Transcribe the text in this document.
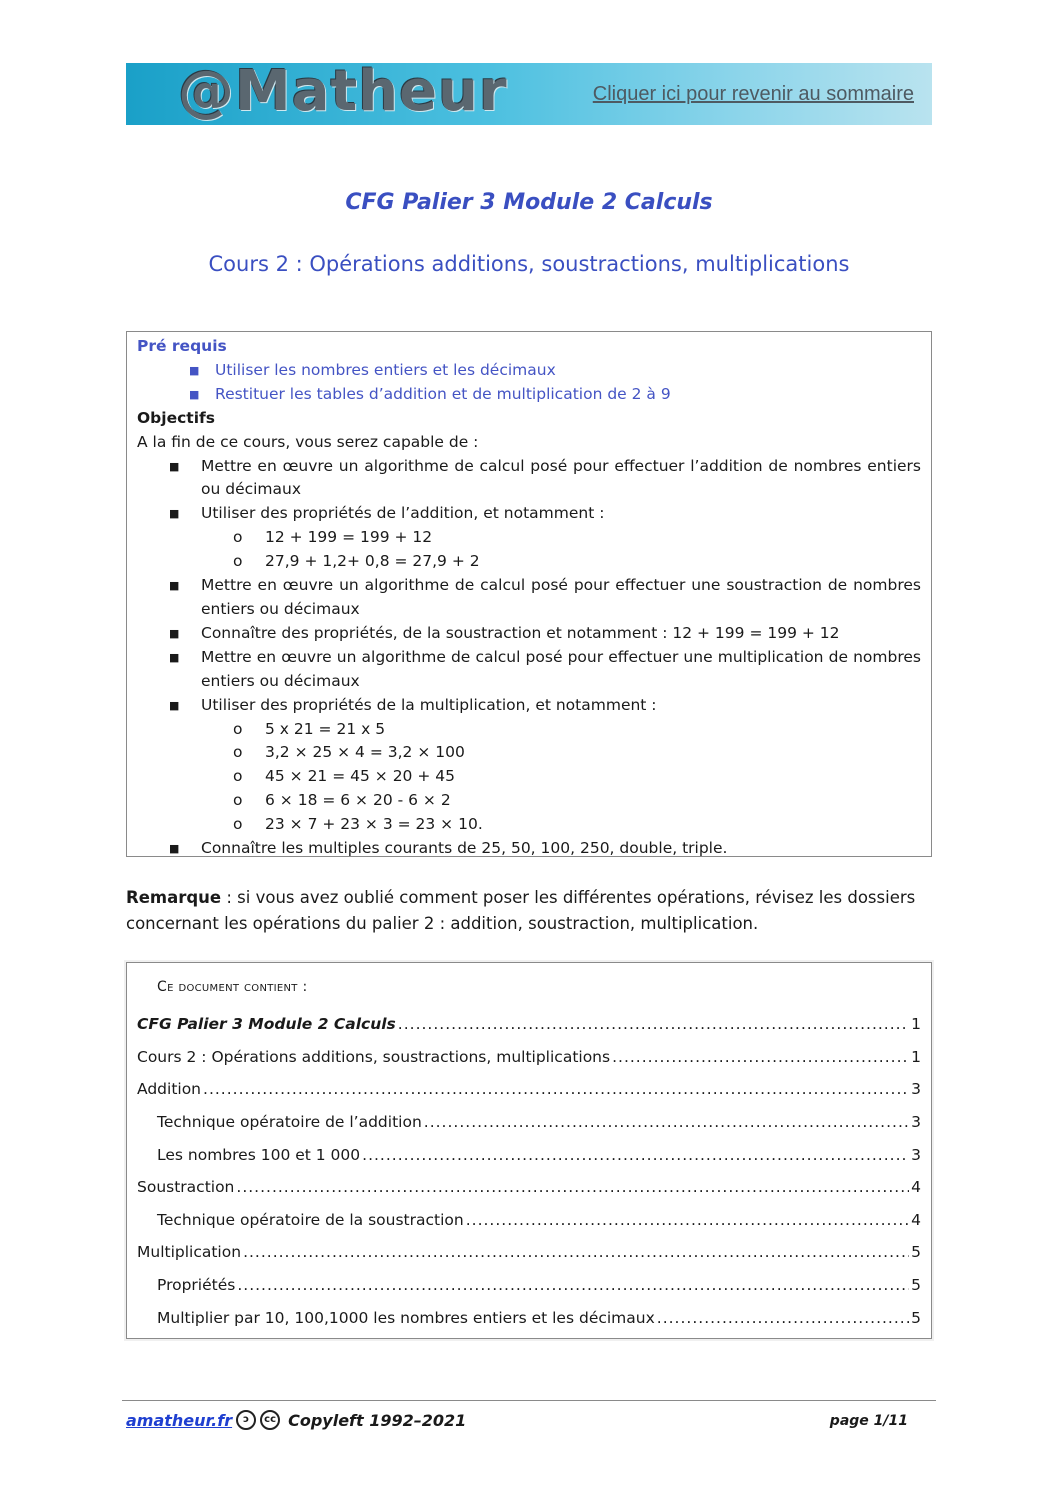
@Matheur	Cliquer ici pour revenir au sommaire
CFG Palier 3 Module 2 Calculs
Cours 2 : Opérations additions, soustractions, multiplications
Pré requis
■ Utiliser les nombres entiers et les décimaux
■ Restituer les tables d’addition et de multiplication de 2 à 9
Objectifs
A la fin de ce cours, vous serez capable de :
■ Mettre en œuvre un algorithme de calcul posé pour effectuer l’addition de nombres entiers ou décimaux
■ Utiliser des propriétés de l’addition, et notamment :
o 12 + 199 = 199 + 12
o 27,9 + 1,2+ 0,8 = 27,9 + 2
■ Mettre en œuvre un algorithme de calcul posé pour effectuer une soustraction de nombres entiers ou décimaux
■ Connaître des propriétés, de la soustraction et notamment : 12 + 199 = 199 + 12
■ Mettre en œuvre un algorithme de calcul posé pour effectuer une multiplication de nombres entiers ou décimaux
■ Utiliser des propriétés de la multiplication, et notamment :
o 5 x 21 = 21 x 5
o 3,2 × 25 × 4 = 3,2 × 100
o 45 × 21 = 45 × 20 + 45
o 6 × 18 = 6 × 20 - 6 × 2
o 23 × 7 + 23 × 3 = 23 × 10.
■ Connaître les multiples courants de 25, 50, 100, 250, double, triple.
Remarque : si vous avez oublié comment poser les différentes opérations, révisez les dossiers concernant les opérations du palier 2 : addition, soustraction, multiplication.
Ce document contient :
CFG Palier 3 Module 2 Calculs .....	1
Cours 2 : Opérations additions, soustractions, multiplications .....	1
Addition .....	3
Technique opératoire de l’addition .....	3
Les nombres 100 et 1 000 .....	3
Soustraction .....	4
Technique opératoire de la soustraction .....	4
Multiplication .....	5
Propriétés .....	5
Multiplier par 10, 100,1000 les nombres entiers et les décimaux .....	5
amatheur.fr	ↄ	cc Copyleft 1992–2021	page 1/11
